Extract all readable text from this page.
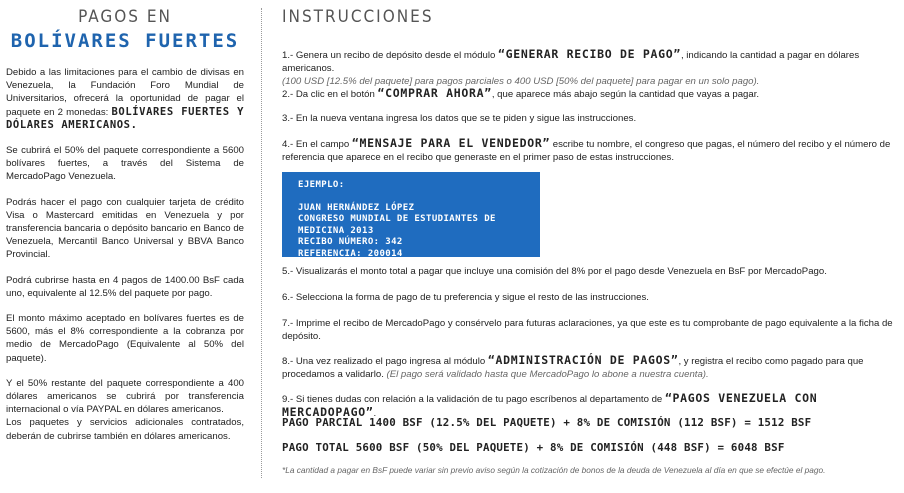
PAGOS EN
BOLÍVARES FUERTES

Debido a las limitaciones para el cambio de divisas en Venezuela, la Fundación Foro Mundial de Universitarios, ofrecerá la oportunidad de pagar el paquete en 2 monedas: BOLÍVARES FUERTES Y DÓLARES AMERICANOS.

Se cubrirá el 50% del paquete correspondiente a 5600 bolívares fuertes, a través del Sistema de MercadoPago Venezuela.

Podrás hacer el pago con cualquier tarjeta de crédito Visa o Mastercard emitidas en Venezuela y por transferencia bancaria o depósito bancario en Banco de Venezuela, Mercantil Banco Universal y BBVA Banco Provincial.

Podrá cubrirse hasta en 4 pagos de 1400.00 BsF cada uno, equivalente al 12.5% del paquete por pago.

El monto máximo aceptado en bolívares fuertes es de 5600, más el 8% correspondiente a la cobranza por medio de MercadoPago (Equivalente al 50% del paquete).

Y el 50% restante del paquete correspondiente a 400 dólares americanos se cubrirá por transferencia internacional o vía PAYPAL en dólares americanos.

Los paquetes y servicios adicionales contratados, deberán de cubrirse también en dólares americanos.

INSTRUCCIONES
1.- Genera un recibo de depósito desde el módulo “GENERAR RECIBO DE PAGO”, indicando la cantidad a pagar en dólares americanos.
(100 USD [12.5% del paquete] para pagos parciales o 400 USD [50% del paquete] para pagar en un solo pago).
2.- Da clic en el botón “COMPRAR AHORA”, que aparece más abajo según la cantidad que vayas a pagar.
3.- En la nueva ventana ingresa los datos que se te piden y sigue las instrucciones.
4.- En el campo “MENSAJE PARA EL VENDEDOR” escribe tu nombre, el congreso que pagas, el número del recibo y el número de referencia que aparece en el recibo que generaste en el primer paso de estas instrucciones.
EJEMPLO:
JUAN HERNÁNDEZ LÓPEZ
CONGRESO MUNDIAL DE ESTUDIANTES DE MEDICINA 2013
RECIBO NÚMERO: 342
REFERENCIA: 200014
5.- Visualizarás el monto total a pagar que incluye una comisión del 8% por el pago desde Venezuela en BsF por MercadoPago.
6.- Selecciona la forma de pago de tu preferencia y sigue el resto de las instrucciones.
7.- Imprime el recibo de MercadoPago y consérvelo para futuras aclaraciones, ya que este es tu comprobante de pago equivalente a la ficha de depósito.
8.- Una vez realizado el pago ingresa al módulo “ADMINISTRACIÓN DE PAGOS”, y registra el recibo como pagado para que procedamos a validarlo. (El pago será validado hasta que MercadoPago lo abone a nuestra cuenta).
9.- Si tienes dudas con relación a la validación de tu pago escríbenos al departamento de “PAGOS VENEZUELA CON MERCADOPAGO”.
PAGO PARCIAL 1400 BSF (12.5% DEL PAQUETE) + 8% DE COMISIÓN (112 BSF) = 1512 BSF
PAGO TOTAL 5600 BSF (50% DEL PAQUETE) + 8% DE COMISIÓN (448 BSF) = 6048 BSF
*La cantidad a pagar en BsF puede variar sin previo aviso según la cotización de bonos de la deuda de Venezuela al día en que se efectúe el pago.
